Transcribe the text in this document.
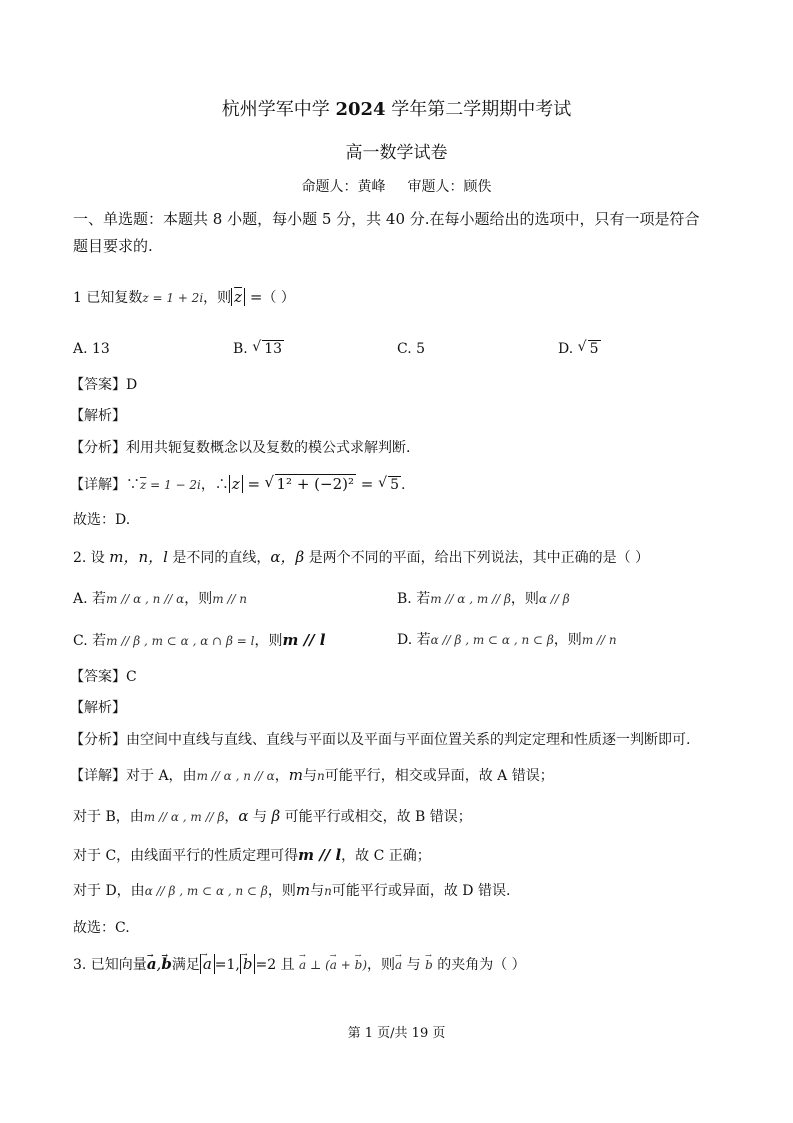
杭州学军中学 2024 学年第二学期期中考试
高一数学试卷
命题人：黄峰 审题人：顾佚
一、单选题：本题共 8 小题，每小题 5 分，共 40 分.在每小题给出的选项中，只有一项是符合
题目要求的.
1 已知复数z = 1 + 2i，则 $\overline{z}$ =（ ）
A. 13	B. √ 13	C. 5	D. √ 5
【答案】D
【解析】
【分析】利用共轭复数概念以及复数的模公式求解判断.
【详解】$\because\overline{z} = 1 - 2i$，∴ z = √ 1² + (−2)² = √ 5 .
故选：D.
2. 设 m，n，l 是不同的直线，α，β 是两个不同的平面，给出下列说法，其中正确的是（ ）
A. 若m // α , n // α，则m // n	B. 若m // α , m // β，则α // β
C. 若m // β , m ⊂ α , α ∩ β = l，则m // l	D. 若α // β , m ⊂ α , n ⊂ β，则m // n
【答案】C
【解析】
【分析】由空间中直线与直线、直线与平面以及平面与平面位置关系的判定定理和性质逐一判断即可.
【详解】对于 A，由m // α , n // α，m与n可能平行，相交或异面，故 A 错误；
对于 B，由m // α , m // β，α 与 β 可能平行或相交，故 B 错误；
对于 C，由线面平行的性质定理可得m // l，故 C 正确；
对于 D，由α // β , m ⊂ α , n ⊂ β，则m与n可能平行或异面，故 D 错误.
故选：C.
3. 已知向量→ a,→ b满足 → a =1, → b =2 且 → a ⊥ (→ a + → b)，则→ a 与 → b 的夹角为（ ）
第 1 页/共 19 页
